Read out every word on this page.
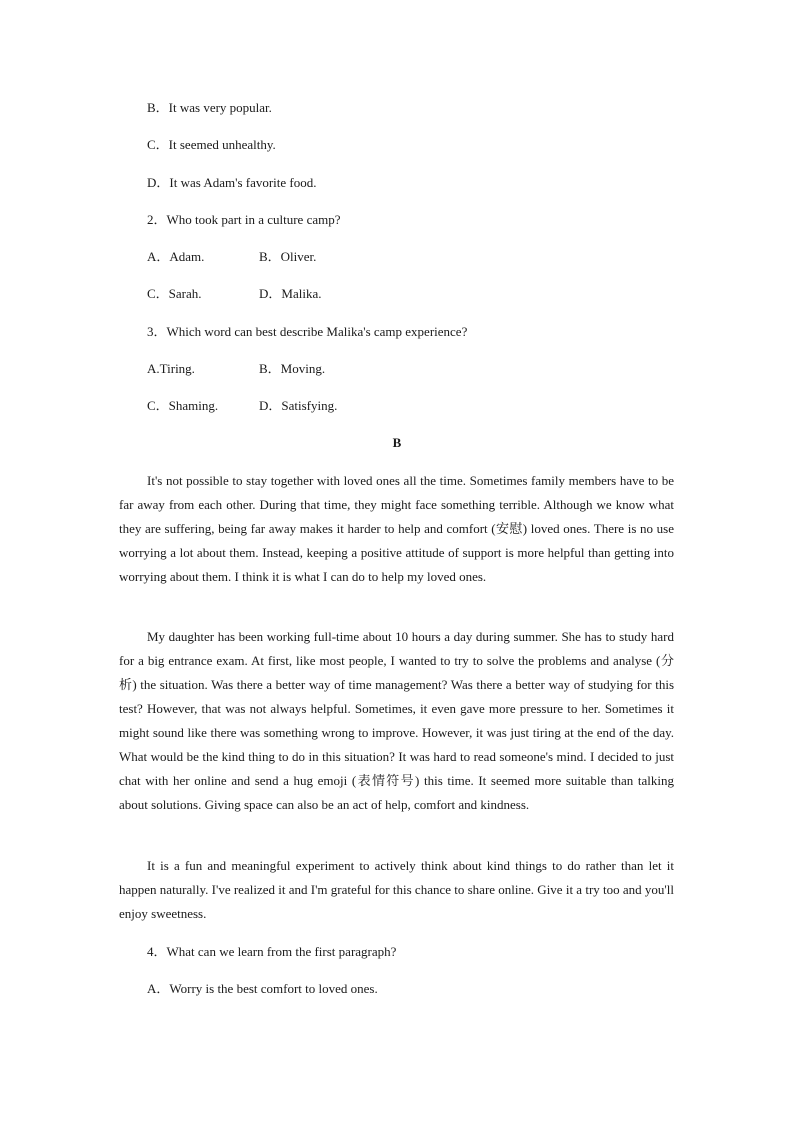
B．It was very popular.
C．It seemed unhealthy.
D．It was Adam's favorite food.
2．Who took part in a culture camp?
A．Adam.	B．Oliver.
C．Sarah.	D．Malika.
3．Which word can best describe Malika's camp experience?
A.Tiring.	B．Moving.
C．Shaming.	D．Satisfying.
B

It's not possible to stay together with loved ones all the time. Sometimes family members have to be far away from each other. During that time, they might face something terrible. Although we know what they are suffering, being far away makes it harder to help and comfort (安慰) loved ones. There is no use worrying a lot about them. Instead, keeping a positive attitude of support is more helpful than getting into worrying about them. I think it is what I can do to help my loved ones.

My daughter has been working full-time about 10 hours a day during summer. She has to study hard for a big entrance exam. At first, like most people, I wanted to try to solve the problems and analyse (分析) the situation. Was there a better way of time management? Was there a better way of studying for this test? However, that was not always helpful. Sometimes, it even gave more pressure to her. Sometimes it might sound like there was something wrong to improve. However, it was just tiring at the end of the day. What would be the kind thing to do in this situation? It was hard to read someone's mind. I decided to just chat with her online and send a hug emoji (表情符号) this time. It seemed more suitable than talking about solutions. Giving space can also be an act of help, comfort and kindness.

It is a fun and meaningful experiment to actively think about kind things to do rather than let it happen naturally. I've realized it and I'm grateful for this chance to share online. Give it a try too and you'll enjoy sweetness.

4．What can we learn from the first paragraph?
A．Worry is the best comfort to loved ones.
